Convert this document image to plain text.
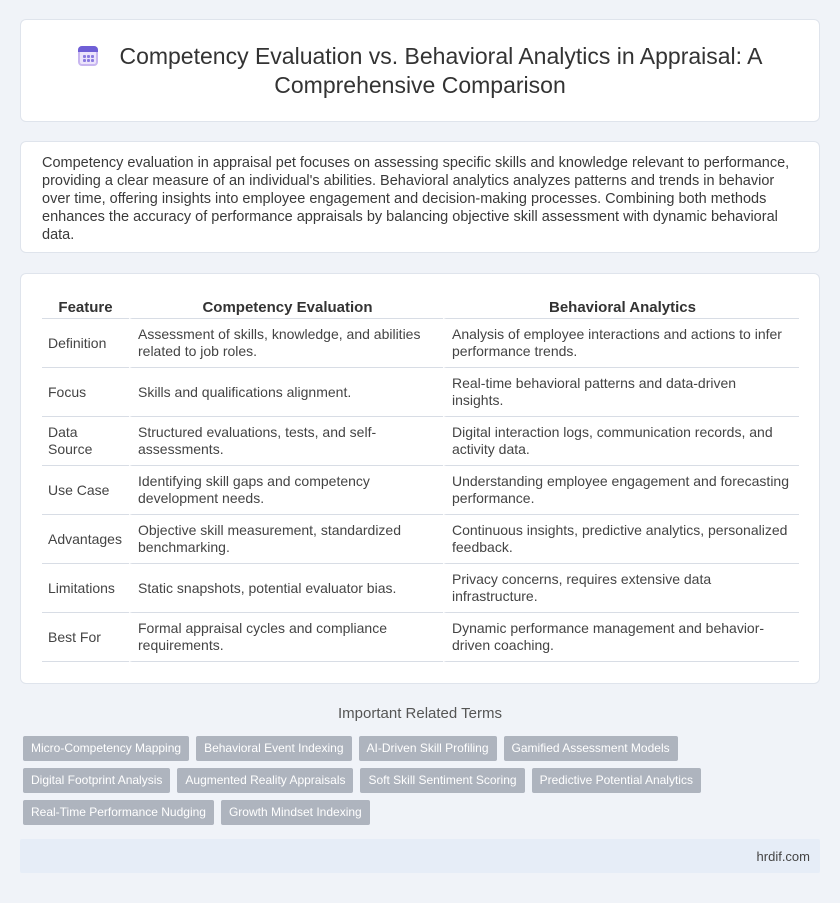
Competency Evaluation vs. Behavioral Analytics in Appraisal: A Comprehensive Comparison

Competency evaluation in appraisal pet focuses on assessing specific skills and knowledge relevant to performance, providing a clear measure of an individual's abilities. Behavioral analytics analyzes patterns and trends in behavior over time, offering insights into employee engagement and decision-making processes. Combining both methods enhances the accuracy of performance appraisals by balancing objective skill assessment with dynamic behavioral data.

Feature	Competency Evaluation	Behavioral Analytics
Definition	Assessment of skills, knowledge, and abilities related to job roles.	Analysis of employee interactions and actions to infer performance trends.
Focus	Skills and qualifications alignment.	Real-time behavioral patterns and data-driven insights.
Data Source	Structured evaluations, tests, and self-assessments.	Digital interaction logs, communication records, and activity data.
Use Case	Identifying skill gaps and competency development needs.	Understanding employee engagement and forecasting performance.
Advantages	Objective skill measurement, standardized benchmarking.	Continuous insights, predictive analytics, personalized feedback.
Limitations	Static snapshots, potential evaluator bias.	Privacy concerns, requires extensive data infrastructure.
Best For	Formal appraisal cycles and compliance requirements.	Dynamic performance management and behavior-driven coaching.
Important Related Terms
Micro-Competency Mapping	Behavioral Event Indexing	AI-Driven Skill Profiling	Gamified Assessment Models
Digital Footprint Analysis	Augmented Reality Appraisals	Soft Skill Sentiment Scoring	Predictive Potential Analytics
Real-Time Performance Nudging	Growth Mindset Indexing
hrdif.com
